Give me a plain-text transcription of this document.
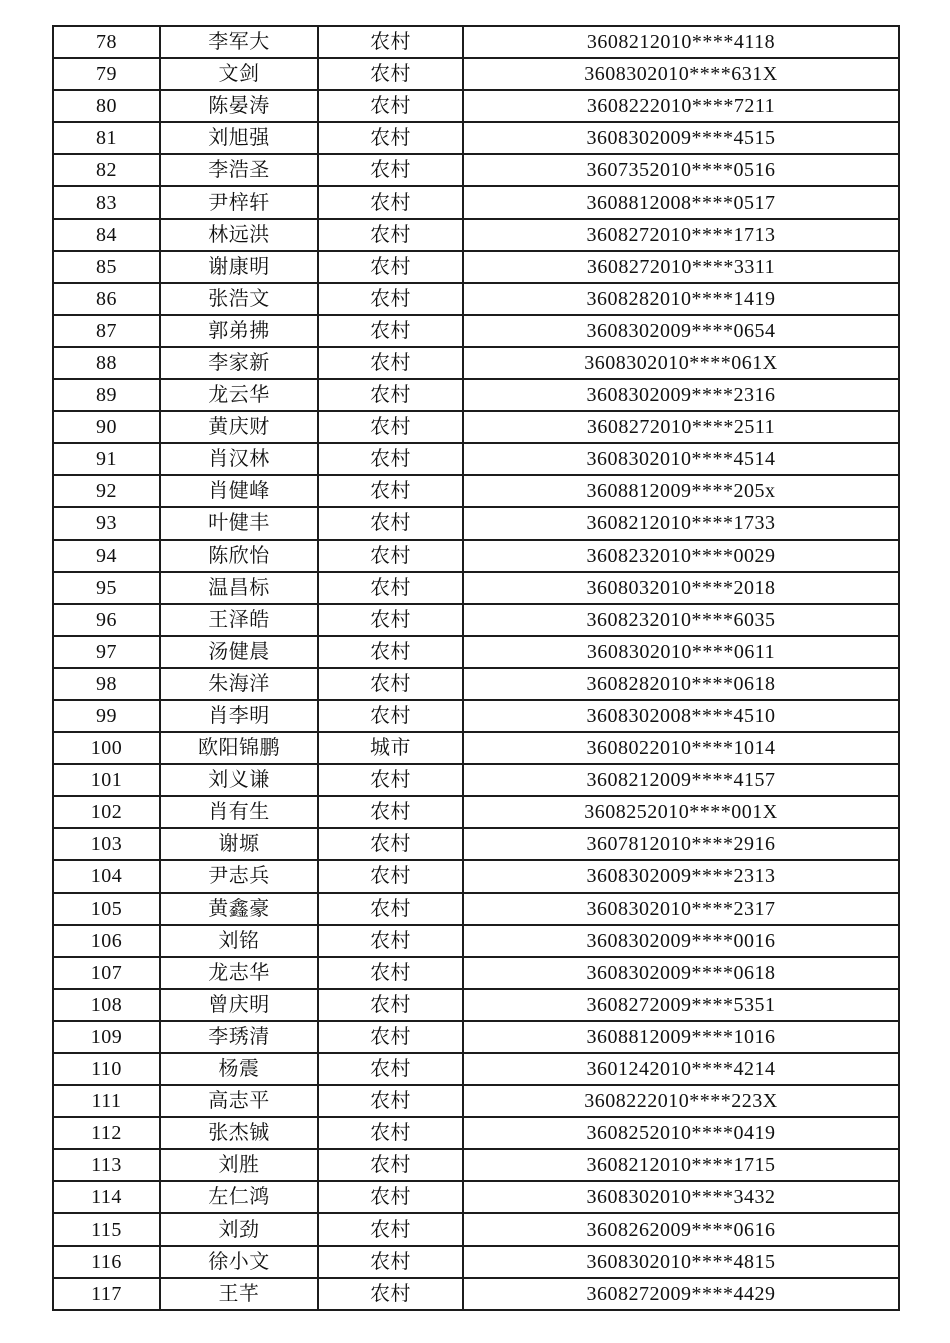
78	李军大	农村	3608212010****4118
79	文剑	农村	3608302010****631X
80	陈晏涛	农村	3608222010****7211
81	刘旭强	农村	3608302009****4515
82	李浩圣	农村	3607352010****0516
83	尹梓轩	农村	3608812008****0517
84	林远洪	农村	3608272010****1713
85	谢康明	农村	3608272010****3311
86	张浩文	农村	3608282010****1419
87	郭弟拂	农村	3608302009****0654
88	李家新	农村	3608302010****061X
89	龙云华	农村	3608302009****2316
90	黄庆财	农村	3608272010****2511
91	肖汉林	农村	3608302010****4514
92	肖健峰	农村	3608812009****205x
93	叶健丰	农村	3608212010****1733
94	陈欣怡	农村	3608232010****0029
95	温昌标	农村	3608032010****2018
96	王泽皓	农村	3608232010****6035
97	汤健晨	农村	3608302010****0611
98	朱海洋	农村	3608282010****0618
99	肖李明	农村	3608302008****4510
100	欧阳锦鹏	城市	3608022010****1014
101	刘义谦	农村	3608212009****4157
102	肖有生	农村	3608252010****001X
103	谢塬	农村	3607812010****2916
104	尹志兵	农村	3608302009****2313
105	黄鑫豪	农村	3608302010****2317
106	刘铭	农村	3608302009****0016
107	龙志华	农村	3608302009****0618
108	曾庆明	农村	3608272009****5351
109	李琇清	农村	3608812009****1016
110	杨震	农村	3601242010****4214
111	高志平	农村	3608222010****223X
112	张杰铖	农村	3608252010****0419
113	刘胜	农村	3608212010****1715
114	左仁鸿	农村	3608302010****3432
115	刘劲	农村	3608262009****0616
116	徐小文	农村	3608302010****4815
117	王芊	农村	3608272009****4429
